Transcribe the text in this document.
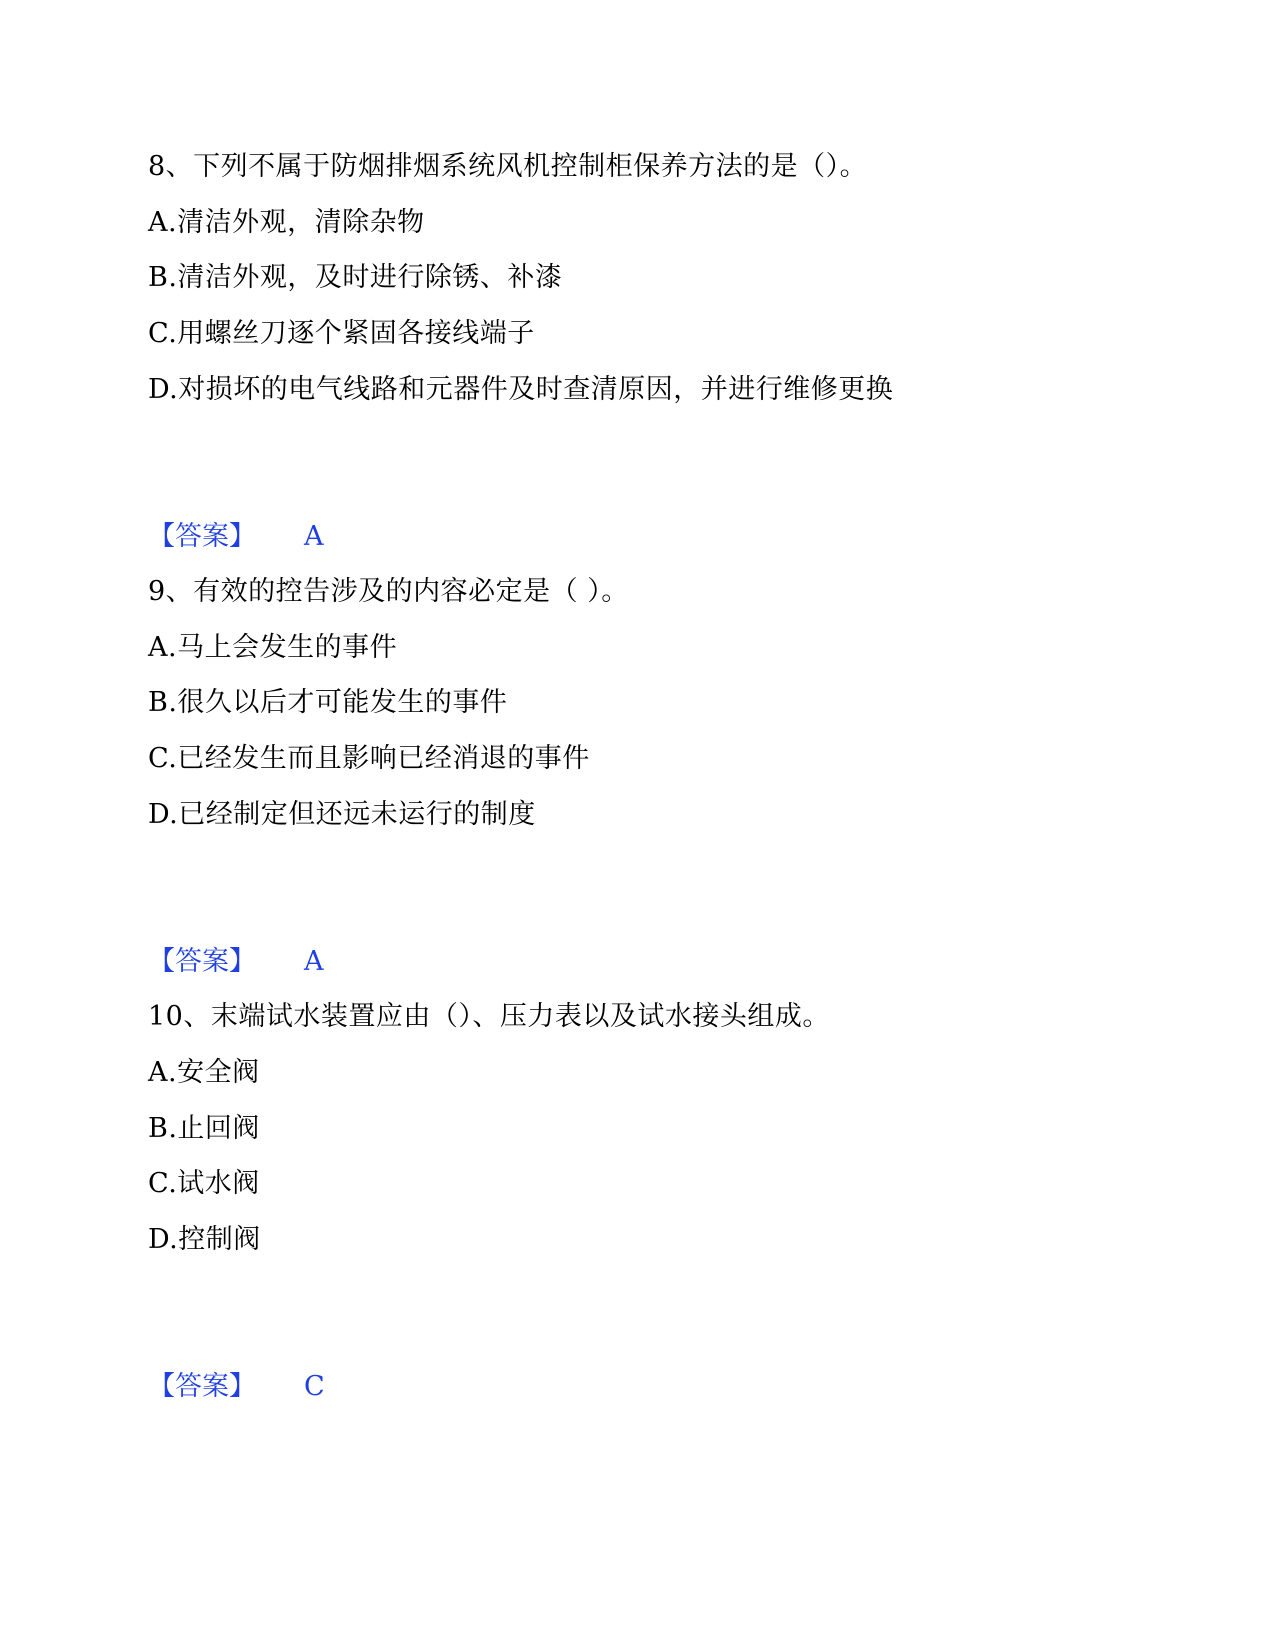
8、下列不属于防烟排烟系统风机控制柜保养方法的是（）。
A.清洁外观，清除杂物
B.清洁外观，及时进行除锈、补漆
C.用螺丝刀逐个紧固各接线端子
D.对损坏的电气线路和元器件及时查清原因，并进行维修更换
【答案】 A
9、有效的控告涉及的内容必定是（ ）。
A.马上会发生的事件
B.很久以后才可能发生的事件
C.已经发生而且影响已经消退的事件
D.已经制定但还远未运行的制度
【答案】 A
10、末端试水装置应由（）、压力表以及试水接头组成。
A.安全阀
B.止回阀
C.试水阀
D.控制阀
【答案】 C
